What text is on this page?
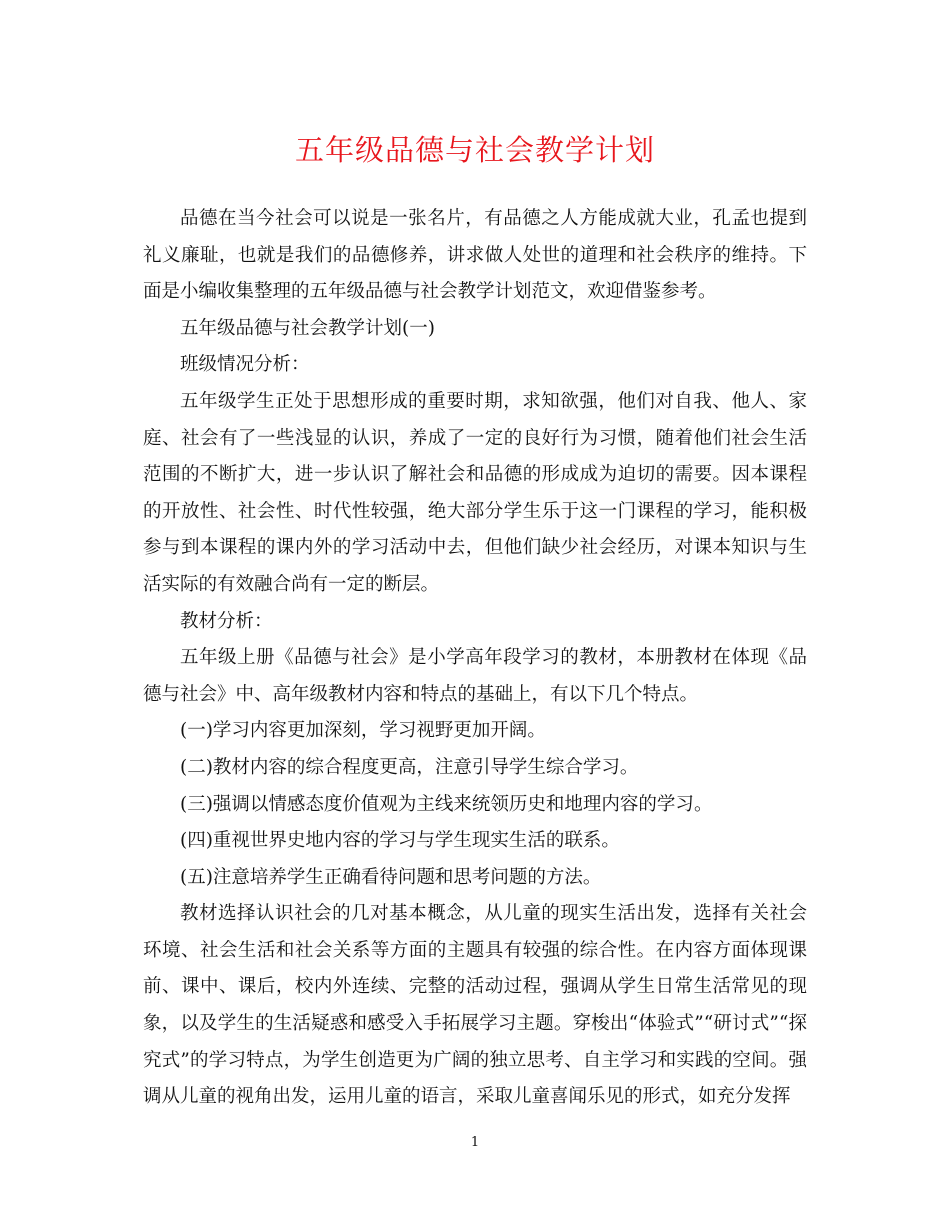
五年级品德与社会教学计划

品德在当今社会可以说是一张名片，有品德之人方能成就大业，孔孟也提到礼义廉耻，也就是我们的品德修养，讲求做人处世的道理和社会秩序的维持。下面是小编收集整理的五年级品德与社会教学计划范文，欢迎借鉴参考。

五年级品德与社会教学计划(一)

班级情况分析：

五年级学生正处于思想形成的重要时期，求知欲强，他们对自我、他人、家庭、社会有了一些浅显的认识，养成了一定的良好行为习惯，随着他们社会生活范围的不断扩大，进一步认识了解社会和品德的形成成为迫切的需要。因本课程的开放性、社会性、时代性较强，绝大部分学生乐于这一门课程的学习，能积极参与到本课程的课内外的学习活动中去，但他们缺少社会经历，对课本知识与生活实际的有效融合尚有一定的断层。

教材分析：

五年级上册《品德与社会》是小学高年段学习的教材，本册教材在体现《品德与社会》中、高年级教材内容和特点的基础上，有以下几个特点。

(一)学习内容更加深刻，学习视野更加开阔。

(二)教材内容的综合程度更高，注意引导学生综合学习。

(三)强调以情感态度价值观为主线来统领历史和地理内容的学习。

(四)重视世界史地内容的学习与学生现实生活的联系。

(五)注意培养学生正确看待问题和思考问题的方法。

教材选择认识社会的几对基本概念，从儿童的现实生活出发，选择有关社会环境、社会生活和社会关系等方面的主题具有较强的综合性。在内容方面体现课前、课中、课后，校内外连续、完整的活动过程，强调从学生日常生活常见的现象，以及学生的生活疑惑和感受入手拓展学习主题。穿梭出“体验式”“研讨式”“探究式”的学习特点，为学生创造更为广阔的独立思考、自主学习和实践的空间。强调从儿童的视角出发，运用儿童的语言，采取儿童喜闻乐见的形式，如充分发挥

1
